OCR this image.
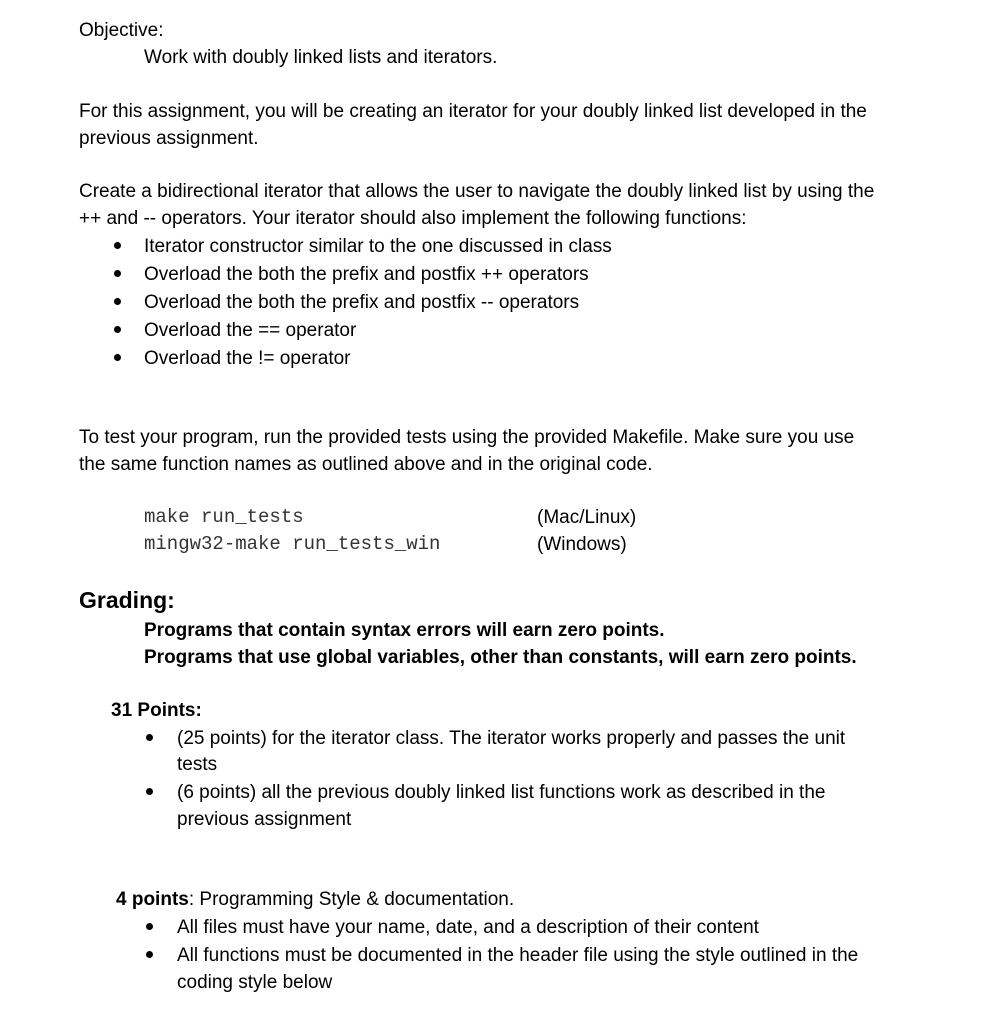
Objective:
Work with doubly linked lists and iterators.
For this assignment, you will be creating an iterator for your doubly linked list developed in the
previous assignment.
Create a bidirectional iterator that allows the user to navigate the doubly linked list by using the
++ and -- operators. Your iterator should also implement the following functions:
Iterator constructor similar to the one discussed in class
Overload the both the prefix and postfix ++ operators
Overload the both the prefix and postfix -- operators
Overload the == operator
Overload the != operator
To test your program, run the provided tests using the provided Makefile. Make sure you use
the same function names as outlined above and in the original code.
make run_tests	(Mac/Linux)
mingw32-make run_tests_win	(Windows)
Grading:
Programs that contain syntax errors will earn zero points.
Programs that use global variables, other than constants, will earn zero points.
31 Points:
(25 points) for the iterator class. The iterator works properly and passes the unit
tests
(6 points) all the previous doubly linked list functions work as described in the
previous assignment
4 points: Programming Style & documentation.
All files must have your name, date, and a description of their content
All functions must be documented in the header file using the style outlined in the
coding style below
